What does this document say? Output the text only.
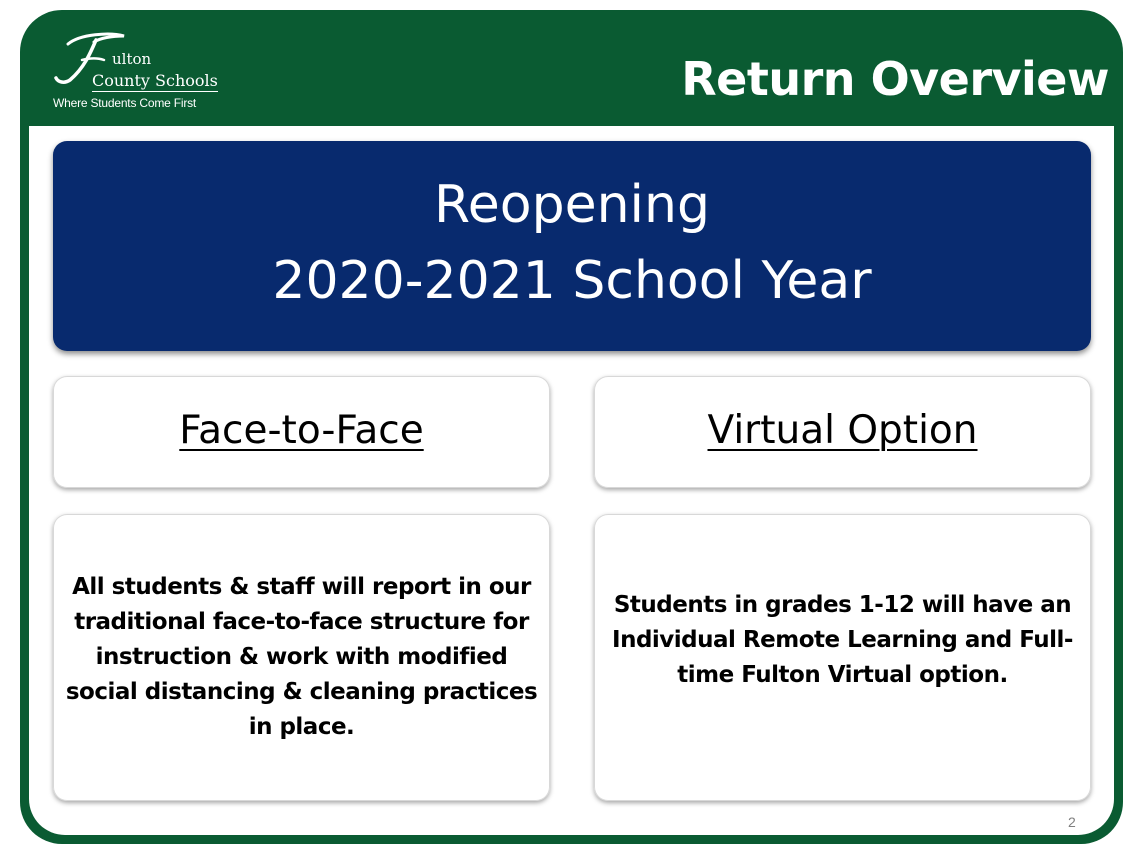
ulton
County Schools
Where Students Come First	Return Overview
Reopening
2020-2021 School Year
Face-to-Face	Virtual Option
All students & staff will report in our traditional face-to-face structure for instruction & work with modified social distancing & cleaning practices in place.
Students in grades 1-12 will have an Individual Remote Learning and Full-time Fulton Virtual option.
2
